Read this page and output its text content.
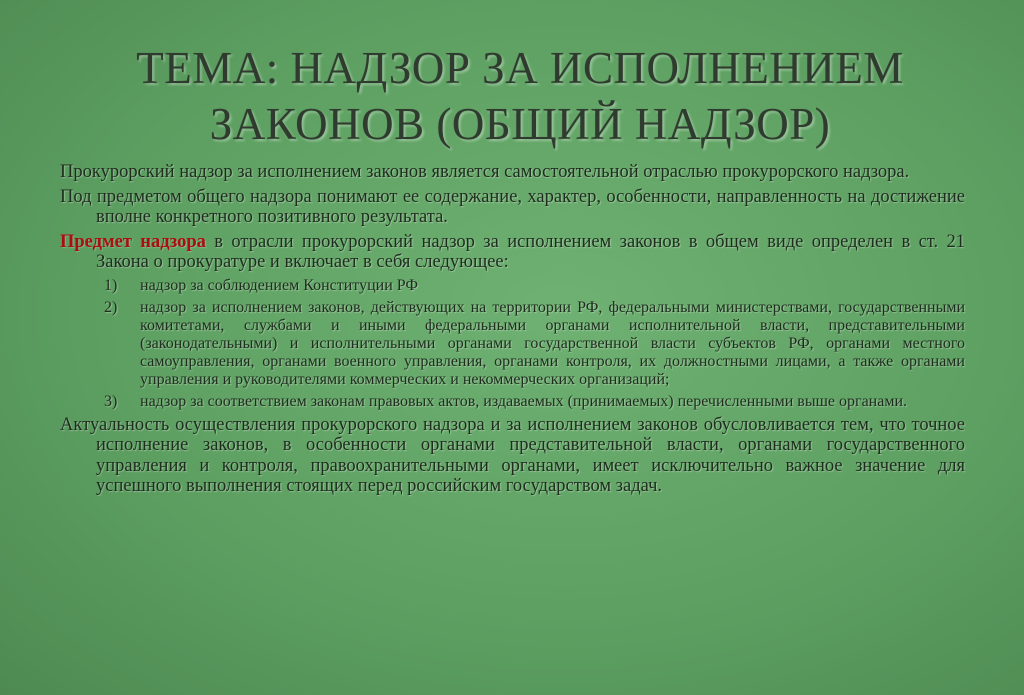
ТЕМА: НАДЗОР ЗА ИСПОЛНЕНИЕМ
ЗАКОНОВ (ОБЩИЙ НАДЗОР)

Прокурорский надзор за исполнением законов является самостоятельной отраслью прокурорского надзора.

Под предметом общего надзора понимают ее содержание, характер, особенности, направленность на достижение вполне конкретного позитивного результата.

Предмет надзора в отрасли прокурорский надзор за исполнением законов в общем виде определен в ст. 21 Закона о прокуратуре и включает в себя следующее:

1) надзор за соблюдением Конституции РФ
2) надзор за исполнением законов, действующих на территории РФ, федеральными министерствами, государственными комитетами, службами и иными федеральными органами исполнительной власти, представительными (законодательными) и исполнительными органами государственной власти субъектов РФ, органами местного самоуправления, органами военного управления, органами контроля, их должностными лицами, а также органами управления и руководителями коммерческих и некоммерческих организаций;
3) надзор за соответствием законам правовых актов, издаваемых (принимаемых) перечисленными выше органами.

Актуальность осуществления прокурорского надзора и за исполнением законов обусловливается тем, что точное исполнение законов, в особенности органами представительной власти, органами государственного управления и контроля, правоохранительными органами, имеет исключительно важное значение для успешного выполнения стоящих перед российским государством задач.
